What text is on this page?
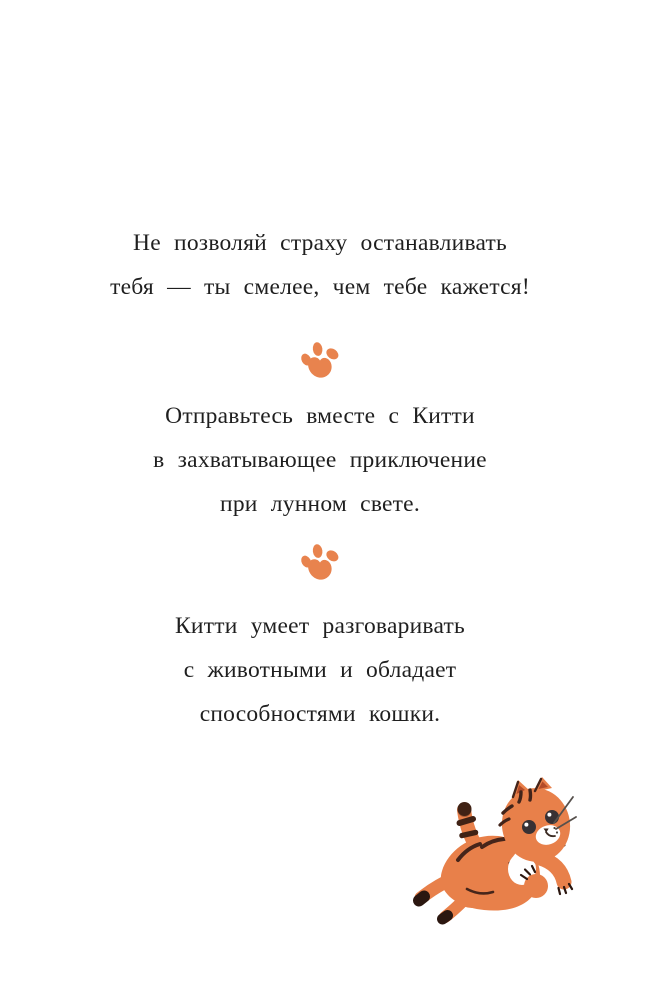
Не позволяй страху останавливать
тебя — ты смелее, чем тебе кажется!
Отправьтесь вместе с Китти
в захватывающее приключение
при лунном свете.
Китти умеет разговаривать
с животными и обладает
способностями кошки.
